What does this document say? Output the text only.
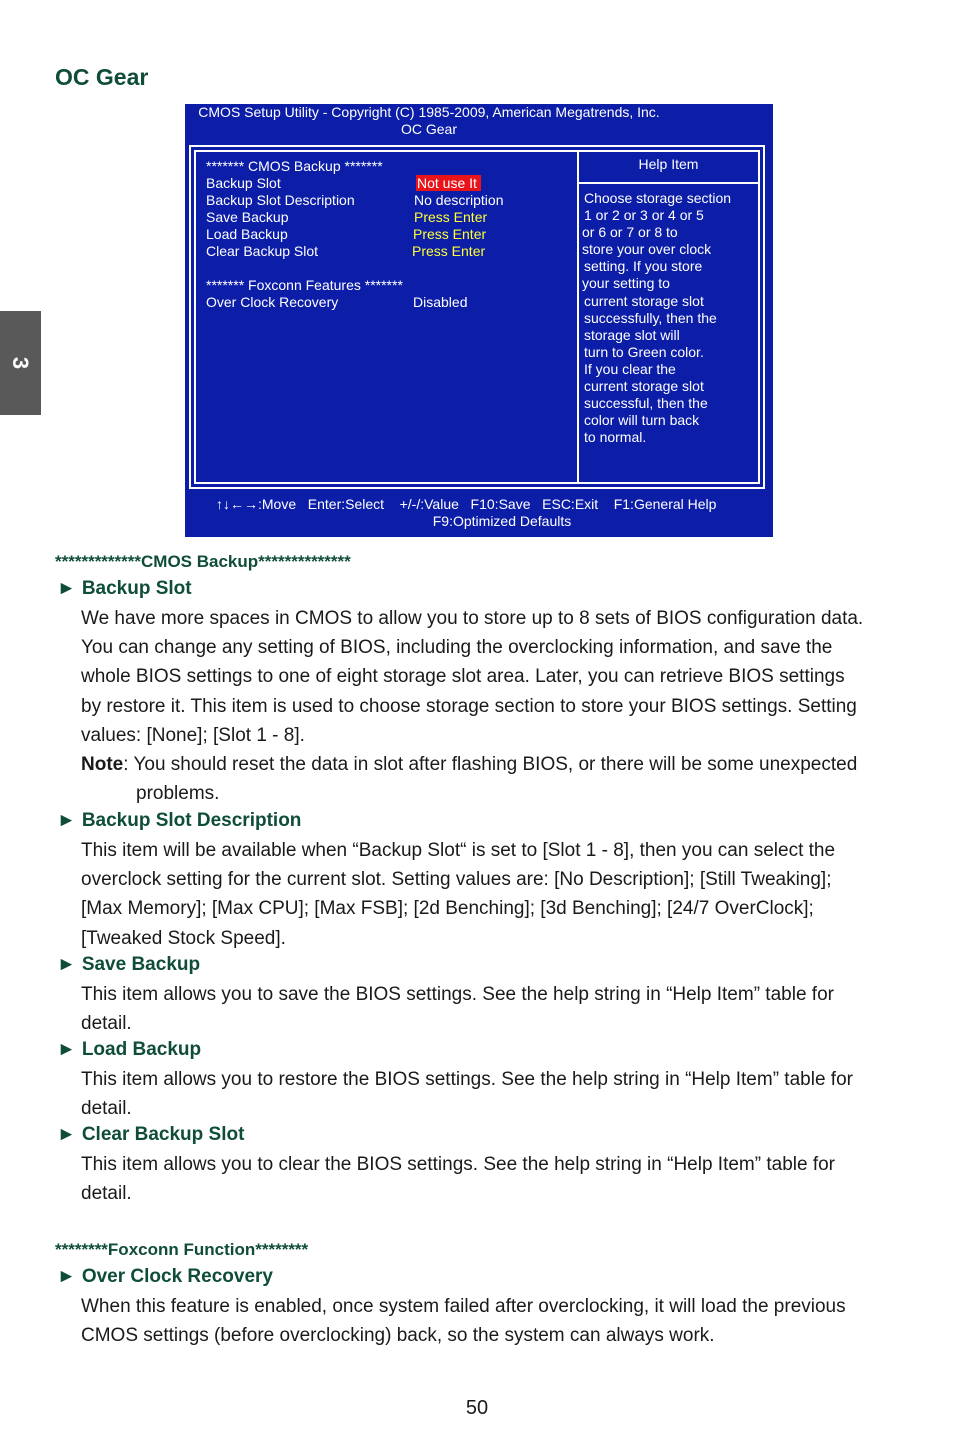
3
OC Gear
CMOS Setup Utility - Copyright (C) 1985-2009, American Megatrends, Inc.
OC Gear
Help Item
******* CMOS Backup *******
Backup Slot	Not use It
Backup Slot Description	No description
Save Backup	Press Enter
Load Backup	Press Enter
Clear Backup Slot	Press Enter
******* Foxconn Features *******
Over Clock Recovery	Disabled
Choose storage section
1 or 2 or 3 or 4 or 5
or 6 or 7 or 8 to
store your over clock
setting. If you store
your setting to
current storage slot
successfully, then the
storage slot will
turn to Green color.
If you clear the
current storage slot
successful, then the
color will turn back
to normal.
↑↓←→:Move   Enter:Select    +/-/:Value   F10:Save   ESC:Exit    F1:General Help
F9:Optimized Defaults
*************CMOS Backup**************
► Backup Slot
We have more spaces in CMOS to allow you to store up to 8 sets of BIOS configuration data.
You can change any setting of BIOS, including the overclocking information, and save the
whole BIOS settings to one of eight storage slot area. Later, you can retrieve BIOS settings
by restore it. This item is used to choose storage section to store your BIOS settings. Setting
values: [None]; [Slot 1 - 8].
Note: You should reset the data in slot after flashing BIOS, or there will be some unexpected
problems.
► Backup Slot Description
This item will be available when “Backup Slot“ is set to [Slot 1 - 8], then you can select the
overclock setting for the current slot. Setting values are: [No Description]; [Still Tweaking];
[Max Memory]; [Max CPU]; [Max FSB]; [2d Benching]; [3d Benching]; [24/7 OverClock];
[Tweaked Stock Speed].
► Save Backup
This item allows you to save the BIOS settings. See the help string in “Help Item” table for
detail.
► Load Backup
This item allows you to restore the BIOS settings. See the help string in “Help Item” table for
detail.
► Clear Backup Slot
This item allows you to clear the BIOS settings. See the help string in “Help Item” table for
detail.
********Foxconn Function********
► Over Clock Recovery
When this feature is enabled, once system failed after overclocking, it will load the previous
CMOS settings (before overclocking) back, so the system can always work.
50
